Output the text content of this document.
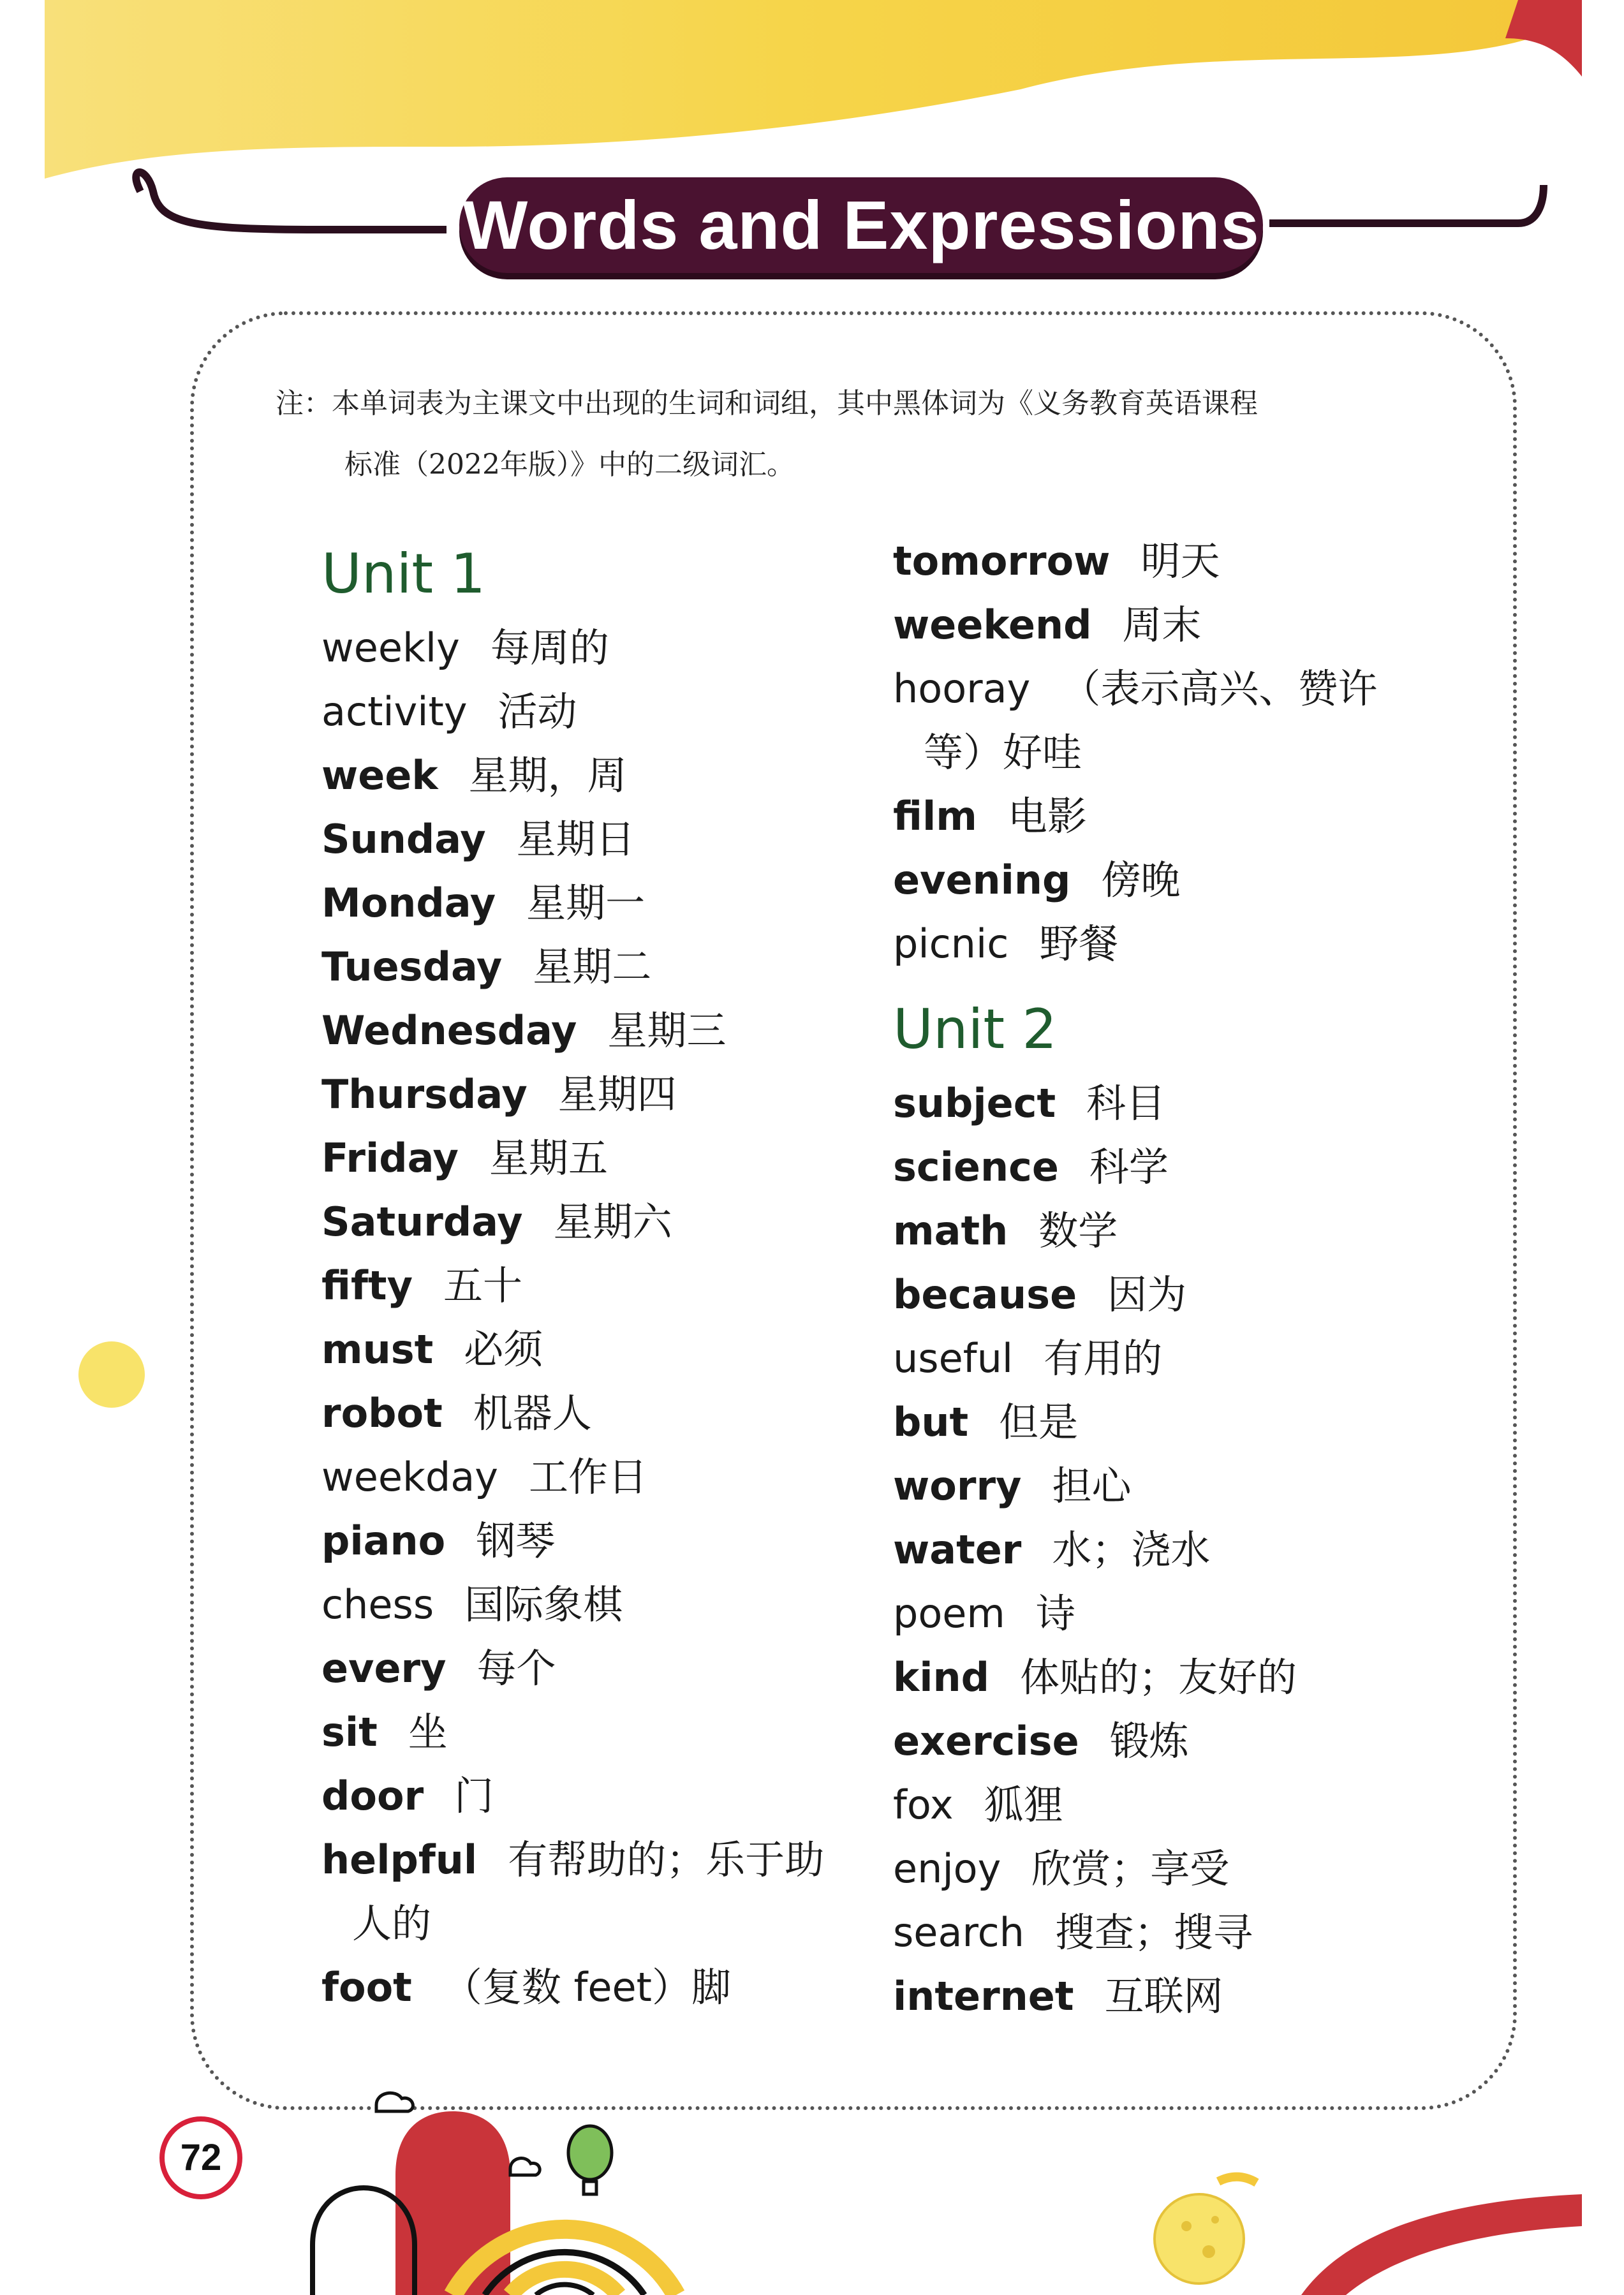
Words and Expressions
注：本单词表为主课文中出现的生词和词组，其中黑体词为《义务教育英语课程
标准（2022年版）》中的二级词汇。
Unit 1
weekly 每周的
activity 活动
week 星期，周
Sunday 星期日
Monday 星期一
Tuesday 星期二
Wednesday 星期三
Thursday 星期四
Friday 星期五
Saturday 星期六
fifty 五十
must 必须
robot 机器人
weekday 工作日
piano 钢琴
chess 国际象棋
every 每个
sit 坐
door 门
helpful 有帮助的；乐于助
人的
foot （复数 feet）脚
tomorrow 明天
weekend 周末
hooray （表示高兴、赞许
等）好哇
film 电影
evening 傍晚
picnic 野餐
Unit 2
subject 科目
science 科学
math 数学
because 因为
useful 有用的
but 但是
worry 担心
water 水；浇水
poem 诗
kind 体贴的；友好的
exercise 锻炼
fox 狐狸
enjoy 欣赏；享受
search 搜查；搜寻
internet 互联网
72
